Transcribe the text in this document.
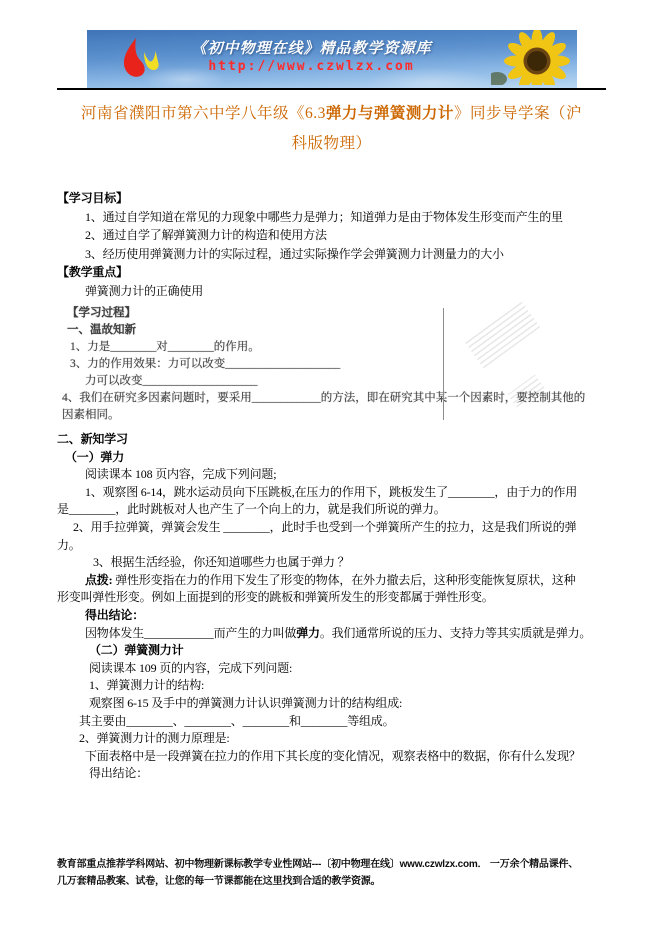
《初中物理在线》精品教学资源库
http://www.czwlzx.com
河南省濮阳市第六中学八年级《6.3弹力与弹簧测力计》同步导学案（沪科版物理）
【学习目标】
1、通过自学知道在常见的力现象中哪些力是弹力；知道弹力是由于物体发生形变而产生的里
2、通过自学了解弹簧测力计的构造和使用方法
3、经历使用弹簧测力计的实际过程，通过实际操作学会弹簧测力计测量力的大小
【教学重点】
弹簧测力计的正确使用
【学习过程】
一、温故知新
1、力是________对________的作用。
3、力的作用效果：力可以改变____________________
力可以改变____________________
4、我们在研究多因素问题时，要采用____________的方法，即在研究其中某一个因素时，要控制其他的
因素相同。
二、新知学习
（一）弹力
阅读课本 108 页内容，完成下列问题;
1、观察图 6-14，跳水运动员向下压跳板,在压力的作用下，跳板发生了________，由于力的作用
是________，此时跳板对人也产生了一个向上的力，就是我们所说的弹力。
2、用手拉弹簧，弹簧会发生 ________，此时手也受到一个弹簧所产生的拉力，这是我们所说的弹
力。
3、根据生活经验，你还知道哪些力也属于弹力 ？
点拨: 弹性形变指在力的作用下发生了形变的物体，在外力撤去后，这种形变能恢复原状，这种
形变叫弹性形变。例如上面提到的形变的跳板和弹簧所发生的形变都属于弹性形变。
得出结论：
因物体发生____________而产生的力叫做弹力。我们通常所说的压力、支持力等其实质就是弹力。
（二）弹簧测力计
阅读课本 109 页的内容，完成下列问题:
1、弹簧测力计的结构:
观察图 6-15 及手中的弹簧测力计认识弹簧测力计的结构组成:
其主要由________、________、________和________等组成。
2、弹簧测力计的测力原理是:
下面表格中是一段弹簧在拉力的作用下其长度的变化情况，观察表格中的数据，你有什么发现？
得出结论：
教育部重点推荐学科网站、初中物理新课标教学专业性网站---〔初中物理在线〕www.czwlzx.com． 一万余个精品课件、
几万套精品教案、试卷，让您的每一节课都能在这里找到合适的教学资源。
